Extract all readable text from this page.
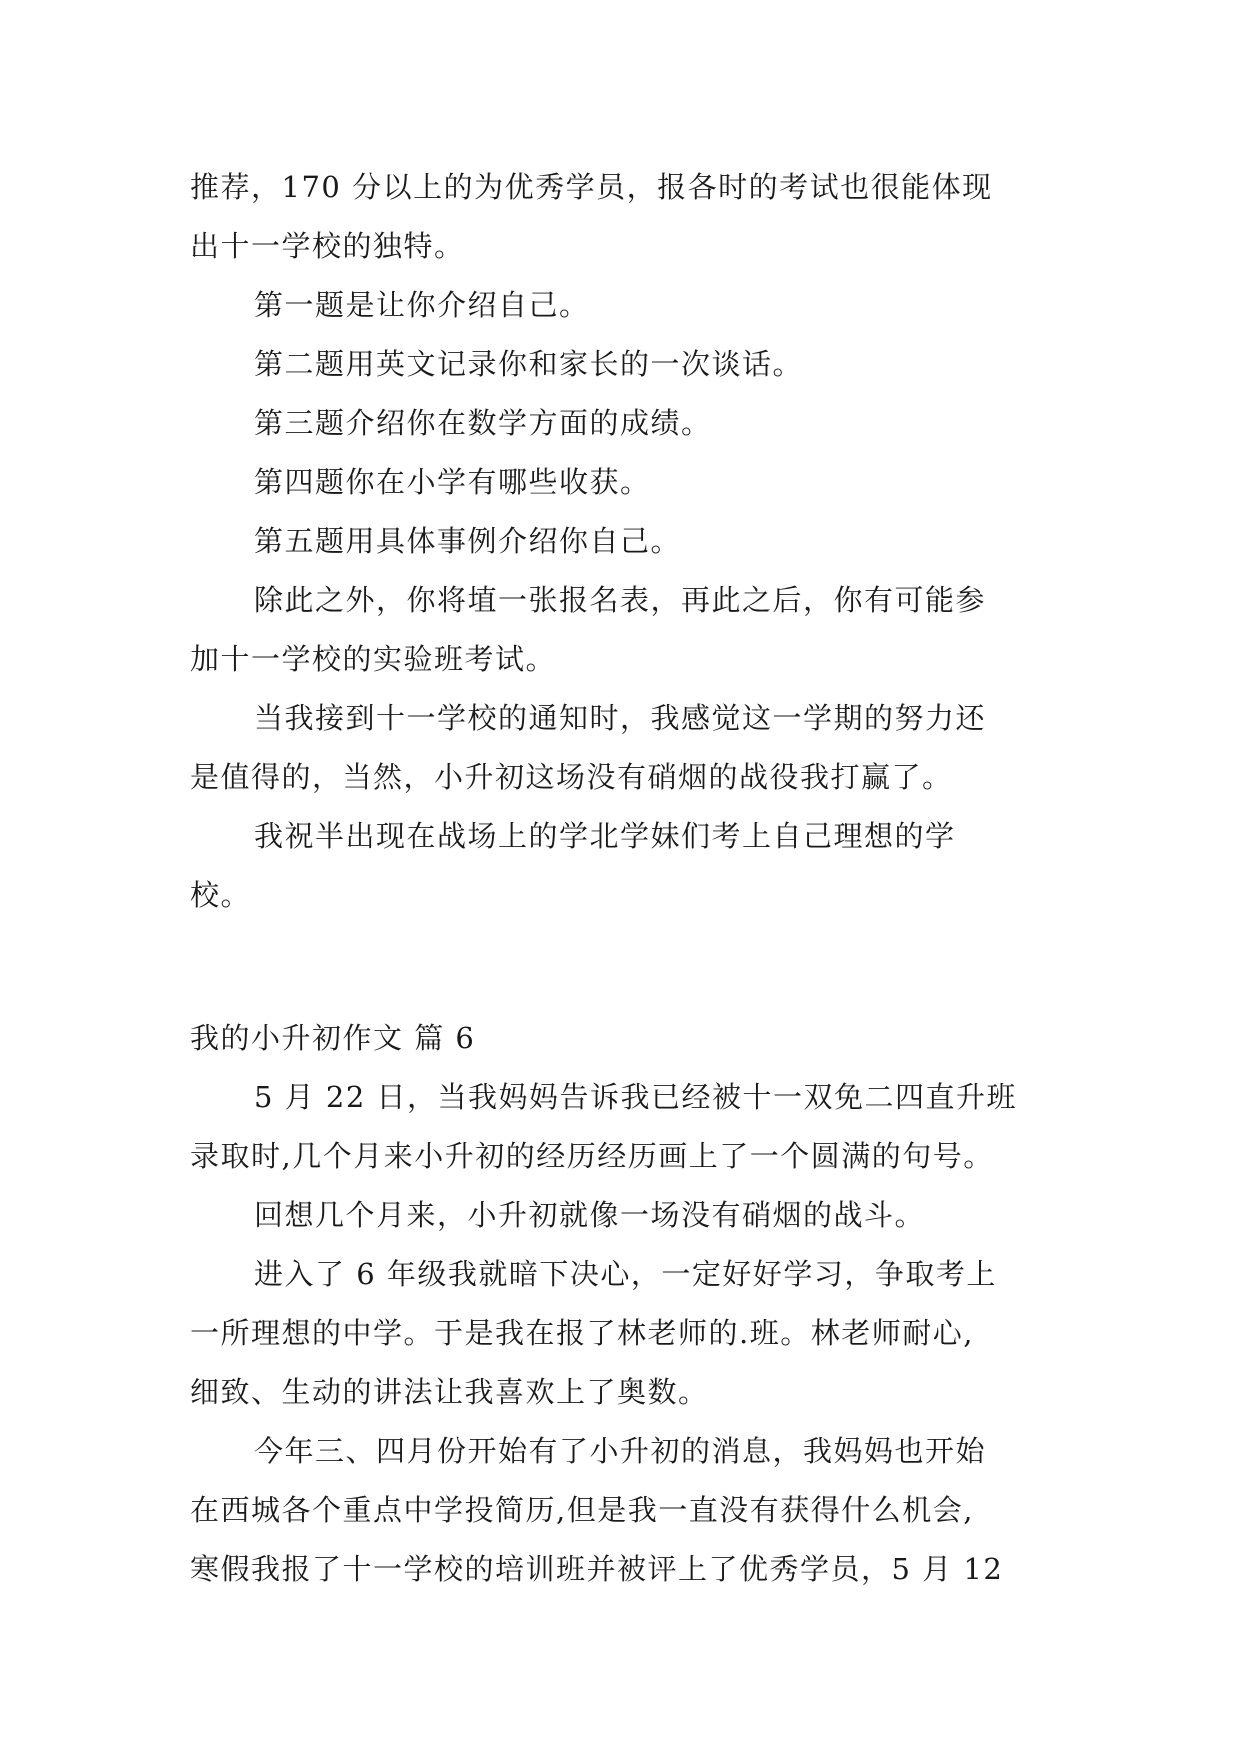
推荐，170 分以上的为优秀学员，报各时的考试也很能体现
出十一学校的独特。
第一题是让你介绍自己。
第二题用英文记录你和家长的一次谈话。
第三题介绍你在数学方面的成绩。
第四题你在小学有哪些收获。
第五题用具体事例介绍你自己。
除此之外，你将埴一张报名表，再此之后，你有可能参
加十一学校的实验班考试。
当我接到十一学校的通知时，我感觉这一学期的努力还
是值得的，当然，小升初这场没有硝烟的战役我打赢了。
我祝半出现在战场上的学北学妹们考上自己理想的学
校。
我的小升初作文 篇 6
5 月 22 日，当我妈妈告诉我已经被十一双免二四直升班
录取时,几个月来小升初的经历经历画上了一个圆满的句号。
回想几个月来，小升初就像一场没有硝烟的战斗。
进入了 6 年级我就暗下决心，一定好好学习，争取考上
一所理想的中学。于是我在报了林老师的.班。林老师耐心,
细致、生动的讲法让我喜欢上了奥数。
今年三、四月份开始有了小升初的消息，我妈妈也开始
在西城各个重点中学投简历,但是我一直没有获得什么机会,
寒假我报了十一学校的培训班并被评上了优秀学员，5 月 12
